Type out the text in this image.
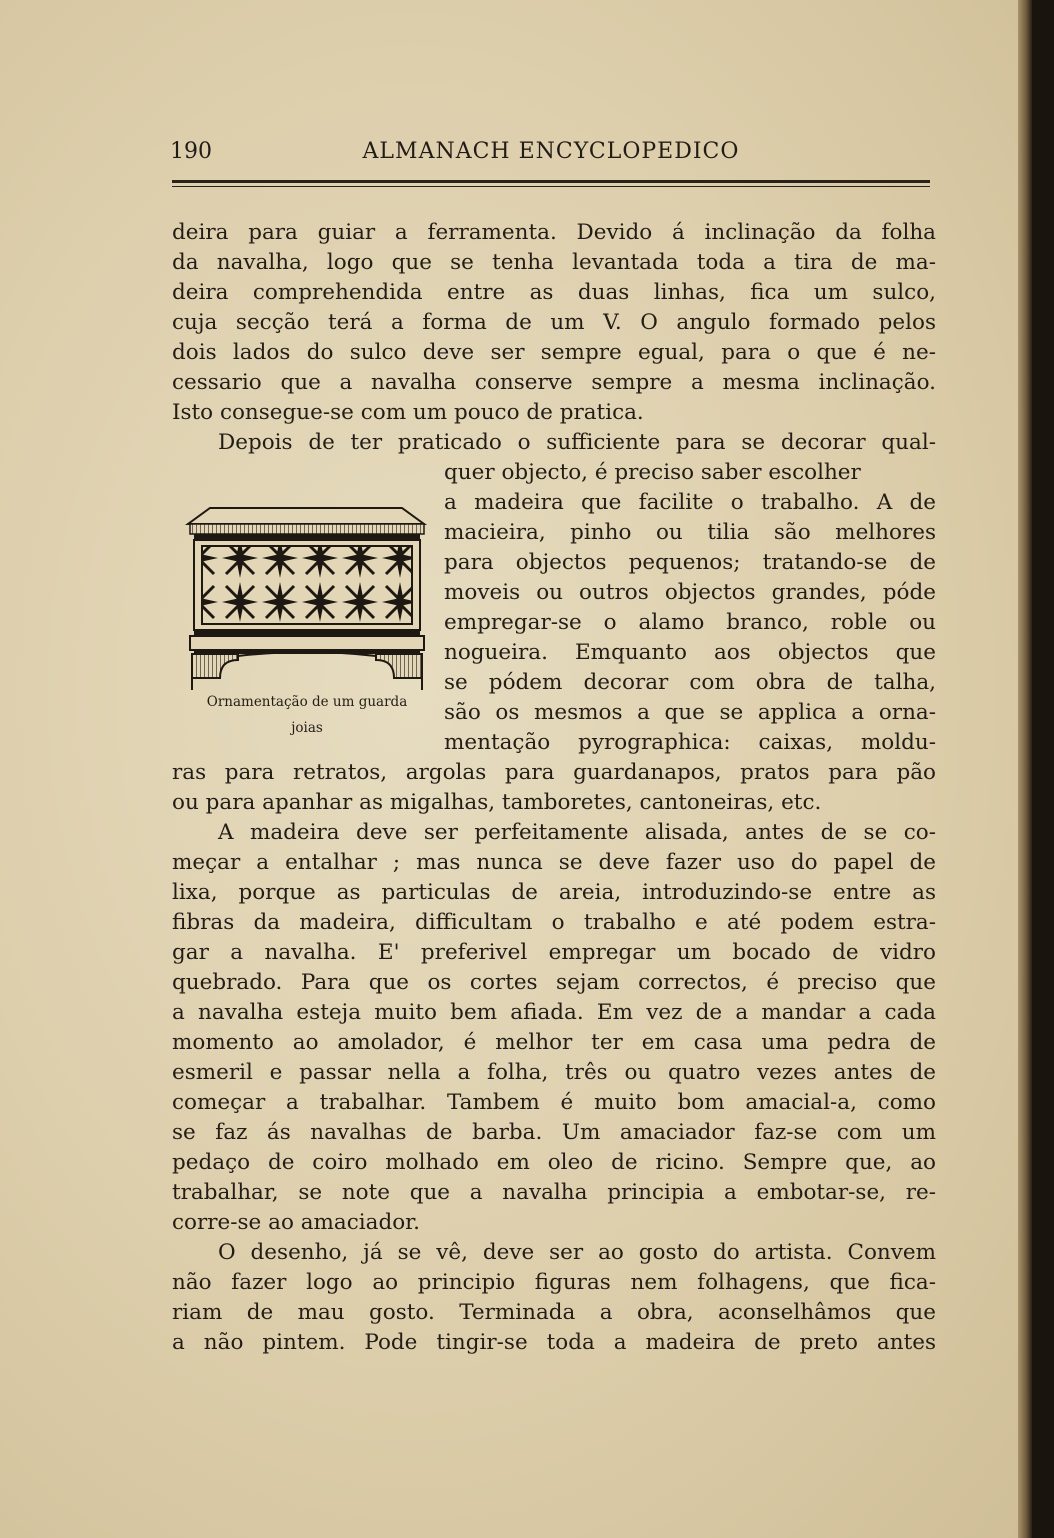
190	ALMANACH ENCYCLOPEDICO
deira para guiar a ferramenta. Devido á inclinação da folha
da navalha, logo que se tenha levantada toda a tira de ma-
deira comprehendida entre as duas linhas, fica um sulco,
cuja secção terá a forma de um V. O angulo formado pelos
dois lados do sulco deve ser sempre egual, para o que é ne-
cessario que a navalha conserve sempre a mesma inclinação.
Isto consegue-se com um pouco de pratica.
Depois de ter praticado o sufficiente para se decorar qual-
quer objecto, é preciso saber escolher
a madeira que facilite o trabalho. A de
macieira, pinho ou tilia são melhores
para objectos pequenos; tratando-se de
moveis ou outros objectos grandes, póde
empregar-se o alamo branco, roble ou
nogueira. Emquanto aos objectos que
se pódem decorar com obra de talha,
são os mesmos a que se applica a orna-
mentação pyrographica: caixas, moldu-
Ornamentação de um guarda
joias
ras para retratos, argolas para guardanapos, pratos para pão
ou para apanhar as migalhas, tamboretes, cantoneiras, etc.
A madeira deve ser perfeitamente alisada, antes de se co-
meçar a entalhar ; mas nunca se deve fazer uso do papel de
lixa, porque as particulas de areia, introduzindo-se entre as
fibras da madeira, difficultam o trabalho e até podem estra-
gar a navalha. E' preferivel empregar um bocado de vidro
quebrado. Para que os cortes sejam correctos, é preciso que
a navalha esteja muito bem afiada. Em vez de a mandar a cada
momento ao amolador, é melhor ter em casa uma pedra de
esmeril e passar nella a folha, três ou quatro vezes antes de
começar a trabalhar. Tambem é muito bom amacial-a, como
se faz ás navalhas de barba. Um amaciador faz-se com um
pedaço de coiro molhado em oleo de ricino. Sempre que, ao
trabalhar, se note que a navalha principia a embotar-se, re-
corre-se ao amaciador.
O desenho, já se vê, deve ser ao gosto do artista. Convem
não fazer logo ao principio figuras nem folhagens, que fica-
riam de mau gosto. Terminada a obra, aconselhâmos que
a não pintem. Pode tingir-se toda a madeira de preto antes
